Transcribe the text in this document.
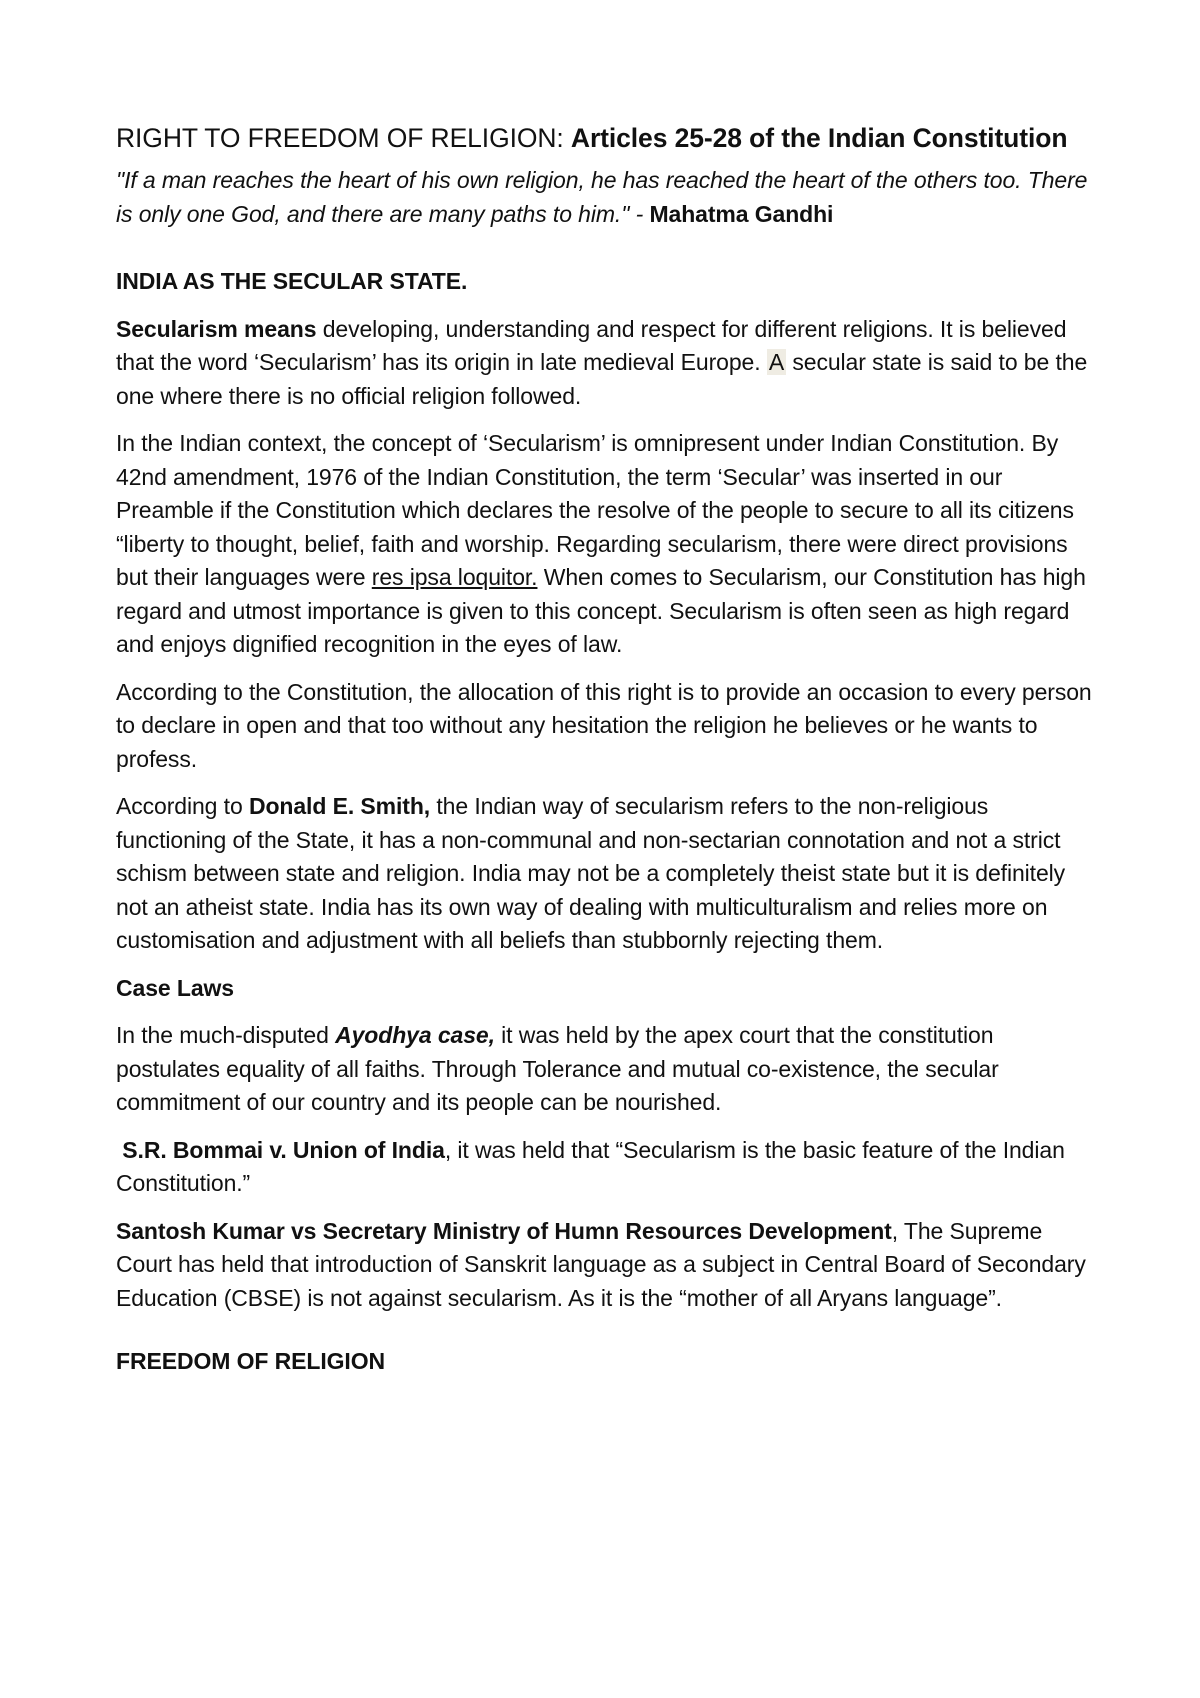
RIGHT TO FREEDOM OF RELIGION: Articles 25-28 of the Indian Constitution

"If a man reaches the heart of his own religion, he has reached the heart of the others too. There is only one God, and there are many paths to him." - Mahatma Gandhi

INDIA AS THE SECULAR STATE.

Secularism means developing, understanding and respect for different religions. It is believed that the word ‘Secularism’ has its origin in late medieval Europe. A secular state is said to be the one where there is no official religion followed.

In the Indian context, the concept of ‘Secularism’ is omnipresent under Indian Constitution. By 42nd amendment, 1976 of the Indian Constitution, the term ‘Secular’ was inserted in our Preamble if the Constitution which declares the resolve of the people to secure to all its citizens “liberty to thought, belief, faith and worship. Regarding secularism, there were direct provisions but their languages were res ipsa loquitor. When comes to Secularism, our Constitution has high regard and utmost importance is given to this concept. Secularism is often seen as high regard and enjoys dignified recognition in the eyes of law.

According to the Constitution, the allocation of this right is to provide an occasion to every person to declare in open and that too without any hesitation the religion he believes or he wants to profess.

According to Donald E. Smith, the Indian way of secularism refers to the non-religious functioning of the State, it has a non-communal and non-sectarian connotation and not a strict schism between state and religion. India may not be a completely theist state but it is definitely not an atheist state. India has its own way of dealing with multiculturalism and relies more on customisation and adjustment with all beliefs than stubbornly rejecting them.

Case Laws

In the much-disputed Ayodhya case, it was held by the apex court that the constitution postulates equality of all faiths. Through Tolerance and mutual co-existence, the secular commitment of our country and its people can be nourished.

S.R. Bommai v. Union of India, it was held that “Secularism is the basic feature of the Indian Constitution.”

Santosh Kumar vs Secretary Ministry of Humn Resources Development, The Supreme Court has held that introduction of Sanskrit language as a subject in Central Board of Secondary Education (CBSE) is not against secularism. As it is the “mother of all Aryans language”.

FREEDOM OF RELIGION
